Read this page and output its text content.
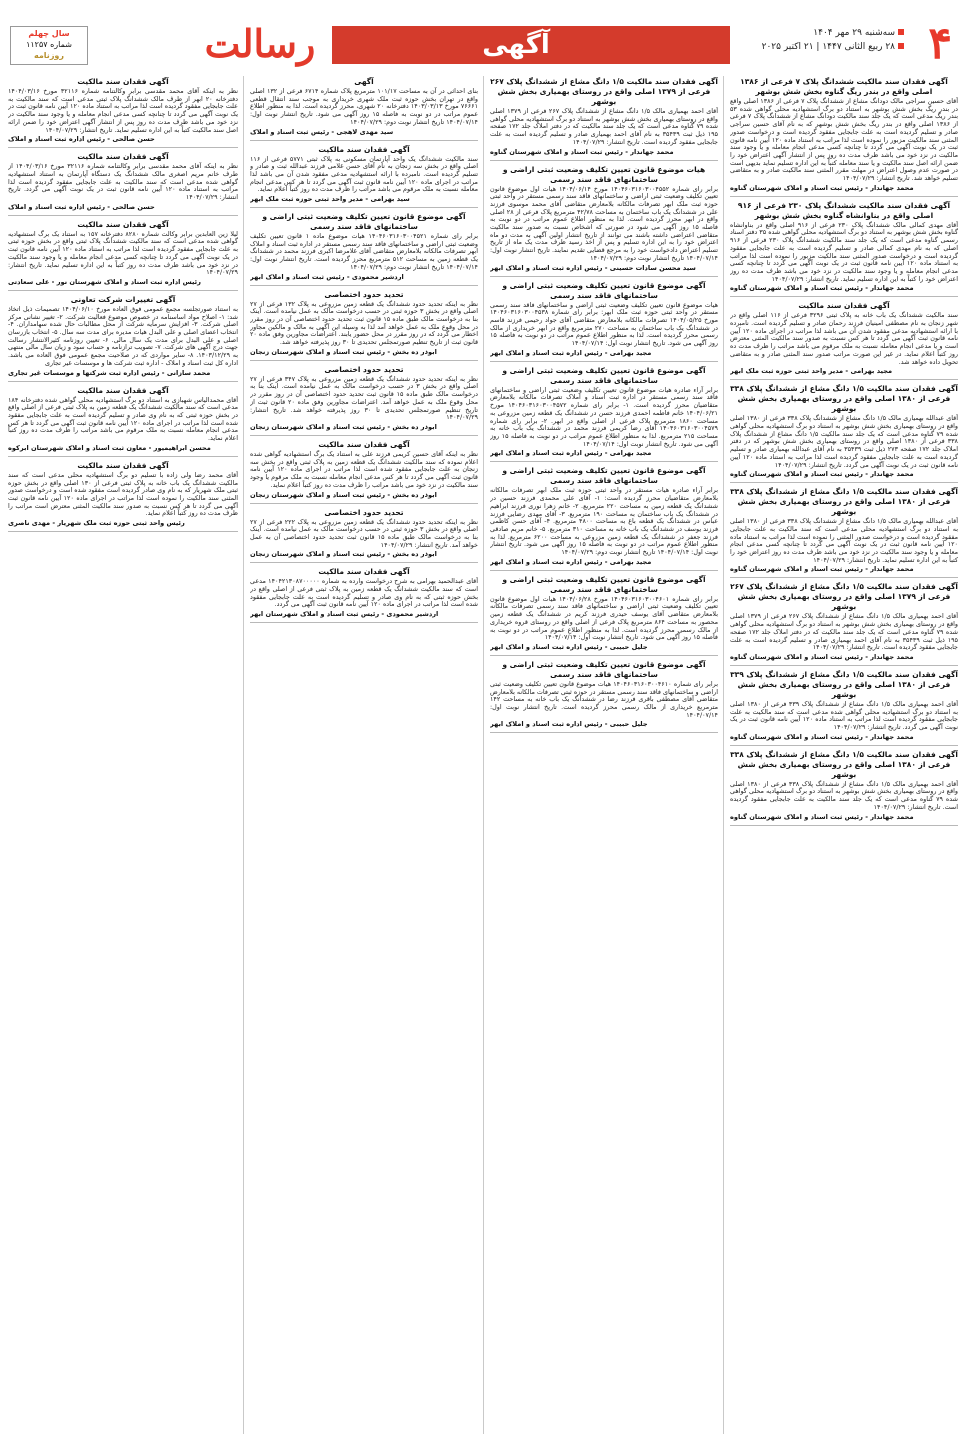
۴
سه‌شنبه ۲۹ مهر ۱۴۰۴
۲۸ ربیع الثانی ۱۴۴۷ | ۲۱ اکتبر ۲۰۲۵
آگهی
رسالت
سال چهلم
شماره ۱۱۲۵۷
روزنامه
آگهی فقدان سند مالکیت ششدانگ پلاک ۷ فرعی از ۱۳۸۶ اصلی واقع در بندر ریگ گناوه بخش شش بوشهر

آقای حسین سراجی مالک دودانگ مشاع از ششدانگ پلاک ۷ فرعی از ۱۳۸۶ اصلی واقع در بندر ریگ بخش شش بوشهر به استناد دو برگ استشهادیه محلی گواهی شده ۵۳ بندر ریگ مدعی است که یک جلد سند مالکیت دودانگ مشاع از ششدانگ پلاک ۷ فرعی از ۱۳۸۶ اصلی واقع در بندر ریگ بخش شش بوشهر که به نام آقای حسین سراجی صادر و تسلیم گردیده است به علت جابجایی مفقود گردیده است و درخواست صدور المثنی سند مالکیت مزبور را نموده است لذا مراتب به استناد ماده ۱۲۰ آیین نامه قانون ثبت در یک نوبت آگهی می گردد تا چنانچه کسی مدعی انجام معامله و یا وجود سند مالکیت در نزد خود می باشد ظرف مدت ده روز پس از انتشار آگهی اعتراض خود را ضمن ارائه اصل سند مالکیت و یا سند معامله کتباً به این اداره تسلیم نماید بدیهی است در صورت عدم وصول اعتراض در مهلت مقرر المثنی سند مالکیت صادر و به متقاضی تسلیم خواهد شد. تاریخ انتشار: ۱۴۰۴/۰۷/۲۹

محمد جهاندار - رئیس ثبت اسناد و املاک شهرستان گناوه
آگهی فقدان سند مالکیت ششدانگ پلاک ۲۳۰ فرعی از ۹۱۶ اصلی واقع در بناوانشاه گناوه بخش شش بوشهر

آقای مهدی کمالی مالک ششدانگ پلاک ۲۳۰ فرعی از ۹۱۶ اصلی واقع در بناوانشاه گناوه بخش شش بوشهر به استناد دو برگ استشهادیه محلی گواهی شده ۳۵ دفتر اسناد رسمی گناوه مدعی است که یک جلد سند مالکیت ششدانگ پلاک ۲۳۰ فرعی از ۹۱۶ اصلی که به نام مهدی کمالی صادر و تسلیم گردیده است به علت جابجایی مفقود گردیده است و درخواست صدور المثنی سند مالکیت مزبور را نموده است لذا مراتب به استناد ماده ۱۲۰ آیین نامه قانون ثبت در یک نوبت آگهی می گردد تا چنانچه کسی مدعی انجام معامله و یا وجود سند مالکیت در نزد خود می باشد ظرف مدت ده روز اعتراض خود را کتباً به این اداره تسلیم نماید. تاریخ انتشار: ۱۴۰۴/۰۷/۲۹

محمد جهاندار - رئیس ثبت اسناد و املاک شهرستان گناوه
آگهی فقدان سند مالکیت

سند مالکیت ششدانگ یک باب خانه به پلاک ثبتی ۳۲۹۶ فرعی از ۱۱۶ اصلی واقع در شهر زنجان به نام مصطفی امینیان فرزند رحمان صادر و تسلیم گردیده است. نامبرده با ارائه استشهادیه مدعی مفقود شدن آن می باشد لذا مراتب در اجرای ماده ۱۲۰ آیین نامه قانون ثبت آگهی می گردد تا هر کس نسبت به صدور سند مالکیت المثنی معترض است و یا مدعی انجام معامله نسبت به ملک مرقوم می باشد مراتب را ظرف مدت ده روز کتباً اعلام نماید. در غیر این صورت مراتب صدور سند المثنی صادر و به متقاضی تحویل داده خواهد شد.

مجید بهرامی - مدیر واحد ثبتی حوزه ثبت ملک ابهر
آگهی فقدان سند مالکیت ۱/۵ دانگ مشاع از ششدانگ پلاک ۳۳۸ فرعی از ۱۳۸۰ اصلی واقع در روستای بهمیاری بخش شش بوشهر

آقای عبدالله بهمیاری مالک ۱/۵ دانگ مشاع از ششدانگ پلاک ۳۳۸ فرعی از ۱۳۸۰ اصلی واقع در روستای بهمیاری بخش شش بوشهر به استناد دو برگ استشهادیه محلی گواهی شده ۷۹ گناوه مدعی است که یک جلد سند مالکیت ۱/۵ دانگ مشاع از ششدانگ پلاک ۳۳۸ فرعی از ۱۳۸۰ اصلی واقع در روستای بهمیاری بخش شش بوشهر که در دفتر املاک جلد ۱۷۲ صفحه ۲۷۳ ذیل ثبت ۳۵۴۳۹ به نام آقای عبدالله بهمیاری صادر و تسلیم گردیده است به علت جابجایی مفقود گردیده است لذا مراتب به استناد ماده ۱۲۰ آیین نامه قانون ثبت در یک نوبت آگهی می گردد. تاریخ انتشار: ۱۴۰۴/۰۷/۲۹

محمد جهاندار - رئیس ثبت اسناد و املاک شهرستان گناوه
آگهی فقدان سند مالکیت ۱/۵ دانگ مشاع از ششدانگ پلاک ۳۳۸ فرعی از ۱۳۸۰ اصلی واقع در روستای بهمیاری بخش شش بوشهر

آقای عبدالله بهمیاری مالک ۱/۵ دانگ مشاع از ششدانگ پلاک ۳۳۸ فرعی از ۱۳۸۰ اصلی به استناد دو برگ استشهادیه محلی مدعی است که سند مالکیت به علت جابجایی مفقود گردیده است و درخواست صدور المثنی را نموده است لذا مراتب به استناد ماده ۱۲۰ آیین نامه قانون ثبت در یک نوبت آگهی می گردد تا چنانچه کسی مدعی انجام معامله و یا وجود سند مالکیت در نزد خود می باشد ظرف مدت ده روز اعتراض خود را کتباً به این اداره تسلیم نماید. تاریخ انتشار: ۱۴۰۴/۰۷/۲۹

محمد جهاندار - رئیس ثبت اسناد و املاک شهرستان گناوه
آگهی فقدان سند مالکیت ۱/۵ دانگ مشاع از ششدانگ پلاک ۲۶۷ فرعی از ۱۳۷۹ اصلی واقع در روستای بهمیاری بخش شش بوشهر

آقای احمد بهمیاری مالک ۱/۵ دانگ مشاع از ششدانگ پلاک ۲۶۷ فرعی از ۱۳۷۹ اصلی واقع در روستای بهمیاری بخش شش بوشهر به استناد دو برگ استشهادیه محلی گواهی شده ۷۹ گناوه مدعی است که یک جلد سند مالکیت که در دفتر املاک جلد ۱۷۲ صفحه ۱۹۵ ذیل ثبت ۳۵۴۳۹ به نام آقای احمد بهمیاری صادر و تسلیم گردیده است به علت جابجایی مفقود گردیده است. تاریخ انتشار: ۱۴۰۴/۰۷/۲۹

محمد جهاندار - رئیس ثبت اسناد و املاک شهرستان گناوه
آگهی فقدان سند مالکیت ۱/۵ دانگ مشاع از ششدانگ پلاک ۳۳۹ فرعی از ۱۳۸۰ اصلی واقع در روستای بهمیاری بخش شش بوشهر

آقای احمد بهمیاری مالک ۱/۵ دانگ مشاع از ششدانگ پلاک ۳۳۹ فرعی از ۱۳۸۰ اصلی به استناد دو برگ استشهادیه محلی گواهی شده مدعی است که سند مالکیت به علت جابجایی مفقود گردیده است لذا مراتب به استناد ماده ۱۲۰ آیین نامه قانون ثبت در یک نوبت آگهی می گردد. تاریخ انتشار: ۱۴۰۴/۰۷/۲۹

محمد جهاندار - رئیس ثبت اسناد و املاک شهرستان گناوه
آگهی فقدان سند مالکیت ۱/۵ دانگ مشاع از ششدانگ پلاک ۳۳۸ فرعی از ۱۳۸۰ اصلی واقع در روستای بهمیاری بخش شش بوشهر

آقای احمد بهمیاری مالک ۱/۵ دانگ مشاع از ششدانگ پلاک ۳۳۸ فرعی از ۱۳۸۰ اصلی واقع در روستای بهمیاری بخش شش بوشهر به استناد دو برگ استشهادیه محلی گواهی شده ۷۹ گناوه مدعی است که یک جلد سند مالکیت به علت جابجایی مفقود گردیده است. تاریخ انتشار: ۱۴۰۴/۰۷/۲۹

محمد جهاندار - رئیس ثبت اسناد و املاک شهرستان گناوه
آگهی فقدان سند مالکیت ۱/۵ دانگ مشاع از ششدانگ پلاک ۲۶۷ فرعی از ۱۳۷۹ اصلی واقع در روستای بهمیاری بخش شش بوشهر

آقای احمد بهمیاری مالک ۱/۵ دانگ مشاع از ششدانگ پلاک ۲۶۷ فرعی از ۱۳۷۹ اصلی واقع در روستای بهمیاری بخش شش بوشهر به استناد دو برگ استشهادیه محلی گواهی شده ۷۹ گناوه مدعی است که یک جلد سند مالکیت که در دفتر املاک جلد ۱۷۲ صفحه ۱۹۵ ذیل ثبت ۳۵۴۳۹ به نام آقای احمد بهمیاری صادر و تسلیم گردیده است به علت جابجایی مفقود گردیده است. تاریخ انتشار: ۱۴۰۴/۰۷/۲۹

محمد جهاندار - رئیس ثبت اسناد و املاک شهرستان گناوه
هیات موضوع قانون تعیین تکلیف وضعیت ثبتی اراضی و ساختمانهای فاقد سند رسمی

برابر رای شماره ۱۴۰۴۶۰۳۱۶۰۳۰۰۴۵۵۲ مورخ ۱۴۰۴/۰۶/۱۴ هیات اول موضوع قانون تعیین تکلیف وضعیت ثبتی اراضی و ساختمانهای فاقد سند رسمی مستقر در واحد ثبتی حوزه ثبت ملک ابهر تصرفات مالکانه بلامعارض متقاضی آقای محمد موسوی فرزند علی در ششدانگ یک باب ساختمان به مساحت ۴۲/۷۸ مترمربع پلاک فرعی از ۲۸ اصلی واقع در ابهر محرز گردیده است. لذا به منظور اطلاع عموم مراتب در دو نوبت به فاصله ۱۵ روز آگهی می شود در صورتی که اشخاص نسبت به صدور سند مالکیت متقاضی اعتراضی داشته باشند می توانند از تاریخ انتشار اولین آگهی به مدت دو ماه اعتراض خود را به این اداره تسلیم و پس از اخذ رسید ظرف مدت یک ماه از تاریخ تسلیم اعتراض دادخواست خود را به مرجع قضایی تقدیم نمایند. تاریخ انتشار نوبت اول: ۱۴۰۴/۰۷/۱۴ تاریخ انتشار نوبت دوم: ۱۴۰۴/۰۷/۲۹

سید محسن سادات حسینی - رئیس اداره ثبت اسناد و املاک ابهر
آگهی موضوع قانون تعیین تکلیف وضعیت ثبتی اراضی و ساختمانهای فاقد سند رسمی

هیات موضوع قانون تعیین تکلیف وضعیت ثبتی اراضی و ساختمانهای فاقد سند رسمی مستقر در واحد ثبتی حوزه ثبت ملک ابهر: برابر رای شماره ۱۴۰۴۶۰۳۱۶۰۳۰۰۴۵۳۸ مورخ ۱۴۰۴/۰۵/۲۵ تصرفات مالکانه بلامعارض متقاضی آقای جواد رحیمی فرزند قاسم در ششدانگ یک باب ساختمان به مساحت ۲۷۰ مترمربع واقع در ابهر خریداری از مالک رسمی محرز گردیده است. لذا به منظور اطلاع عموم مراتب در دو نوبت به فاصله ۱۵ روز آگهی می شود. تاریخ انتشار نوبت اول: ۱۴۰۴/۰۷/۱۴

مجید بهرامی - رئیس اداره ثبت اسناد و املاک ابهر
آگهی موضوع قانون تعیین تکلیف وضعیت ثبتی اراضی و ساختمانهای فاقد سند رسمی

برابر آراء صادره هیات موضوع قانون تعیین تکلیف وضعیت ثبتی اراضی و ساختمانهای فاقد سند رسمی مستقر در اداره ثبت اسناد و املاک تصرفات مالکانه بلامعارض متقاضیان محرز گردیده است. ۱- برابر رای شماره ۱۴۰۴۶۰۳۱۶۰۳۰۰۴۵۷۲ مورخ ۱۴۰۴/۰۶/۲۱ خانم فاطمه احمدی فرزند حسن در ششدانگ یک قطعه زمین مزروعی به مساحت ۱۸۶۰ مترمربع پلاک فرعی از اصلی واقع در ابهر. ۲- برابر رای شماره ۱۴۰۴۶۰۳۱۶۰۳۰۰۴۵۷۹ آقای رضا کریمی فرزند محمد در ششدانگ یک باب خانه به مساحت ۲۱۵ مترمربع. لذا به منظور اطلاع عموم مراتب در دو نوبت به فاصله ۱۵ روز آگهی می شود. تاریخ انتشار نوبت اول: ۱۴۰۴/۰۷/۱۴

مجید بهرامی - رئیس اداره ثبت اسناد و املاک ابهر
آگهی موضوع قانون تعیین تکلیف وضعیت ثبتی اراضی و ساختمانهای فاقد سند رسمی

برابر آراء صادره هیات مستقر در واحد ثبتی حوزه ثبت ملک ابهر تصرفات مالکانه بلامعارض متقاضیان محرز گردیده است: ۱- آقای علی محمدی فرزند حسین در ششدانگ یک قطعه زمین به مساحت ۲۲۰ مترمربع. ۲- خانم زهرا نوری فرزند ابراهیم در ششدانگ یک باب ساختمان به مساحت ۱۹۰ مترمربع. ۳- آقای مهدی رضایی فرزند عباس در ششدانگ یک قطعه باغ به مساحت ۴۸۰۰ مترمربع. ۴- آقای حسن کاظمی فرزند یوسف در ششدانگ یک باب خانه به مساحت ۳۱۰ مترمربع. ۵- خانم مریم صادقی فرزند جعفر در ششدانگ یک قطعه زمین مزروعی به مساحت ۶۲۰۰ مترمربع. لذا به منظور اطلاع عموم مراتب در دو نوبت به فاصله ۱۵ روز آگهی می شود. تاریخ انتشار نوبت اول: ۱۴۰۴/۰۷/۱۴ تاریخ انتشار نوبت دوم: ۱۴۰۴/۰۷/۲۹

مجید بهرامی - رئیس اداره ثبت اسناد و املاک ابهر
آگهی موضوع قانون تعیین تکلیف وضعیت ثبتی اراضی و ساختمانهای فاقد سند رسمی

برابر رای شماره ۱۴۰۴۶۰۳۱۶۰۳۰۰۴۶۰۱ مورخ ۱۴۰۴/۰۶/۲۸ هیات اول موضوع قانون تعیین تکلیف وضعیت ثبتی اراضی و ساختمانهای فاقد سند رسمی تصرفات مالکانه بلامعارض متقاضی آقای یوسف حیدری فرزند کریم در ششدانگ یک قطعه زمین محصور به مساحت ۸۶۴ مترمربع پلاک فرعی از اصلی واقع در روستای قروه خریداری از مالک رسمی محرز گردیده است. لذا به منظور اطلاع عموم مراتب در دو نوبت به فاصله ۱۵ روز آگهی می شود. تاریخ انتشار نوبت اول: ۱۴۰۴/۰۷/۱۴

جلیل حبیبی - رئیس اداره ثبت اسناد و املاک ابهر
آگهی موضوع قانون تعیین تکلیف وضعیت ثبتی اراضی و ساختمانهای فاقد سند رسمی

برابر رای شماره ۱۴۰۴۶۰۳۱۶۰۳۰۰۴۶۱۰ هیات موضوع قانون تعیین تکلیف وضعیت ثبتی اراضی و ساختمانهای فاقد سند رسمی مستقر در حوزه ثبتی تصرفات مالکانه بلامعارض متقاضی آقای مصطفی باقری فرزند رضا در ششدانگ یک باب خانه به مساحت ۱۴۲ مترمربع خریداری از مالک رسمی محرز گردیده است. تاریخ انتشار نوبت اول: ۱۴۰۴/۰۷/۱۴

جلیل حبیبی - رئیس اداره ثبت اسناد و املاک ابهر
آگهی

بنای احداثی در آن به مساحت ۱۰۱/۱۷ مترمربع پلاک شماره ۶۷۱۴ فرعی از ۱۳۲ اصلی واقع در تهران بخش حوزه ثبت ملک شهری خریداری به موجب سند انتقال قطعی ۷۶۶۶۱ مورخ ۱۴۰۳/۰۳/۱۳ دفترخانه ۲۰ شهری، محرز گردیده است. لذا به منظور اطلاع عموم مراتب در دو نوبت به فاصله ۱۵ روز آگهی می شود. تاریخ انتشار نوبت اول: ۱۴۰۴/۰۷/۱۴ تاریخ انتشار نوبت دوم: ۱۴۰۴/۰۷/۲۹

سید مهدی لاهجی - رئیس ثبت اسناد و املاک
آگهی فقدان سند مالکیت

سند مالکیت ششدانگ یک واحد آپارتمان مسکونی به پلاک ثبتی ۵۷۷۱ فرعی از ۱۱۶ اصلی واقع در بخش سه زنجان به نام آقای حسن غلامی فرزند عبدالله ثبت و صادر و تسلیم گردیده است. نامبرده با ارائه استشهادیه مدعی مفقود شدن آن می باشد لذا مراتب در اجرای ماده ۱۲۰ آیین نامه قانون ثبت آگهی می گردد تا هر کس مدعی انجام معامله نسبت به ملک مرقوم می باشد مراتب را ظرف مدت ده روز کتباً اعلام نماید.

سید بهرامی - مدیر واحد ثبتی حوزه ثبت ملک ابهر
آگهی موضوع قانون تعیین تکلیف وضعیت ثبتی اراضی و ساختمانهای فاقد سند رسمی

برابر رای شماره ۱۴۰۴۶۰۳۱۶۰۳۰۰۴۵۲۱ هیات موضوع ماده ۱ قانون تعیین تکلیف وضعیت ثبتی اراضی و ساختمانهای فاقد سند رسمی مستقر در اداره ثبت اسناد و املاک ابهر تصرفات مالکانه بلامعارض متقاضی آقای غلامرضا اکبری فرزند محمد در ششدانگ یک قطعه زمین به مساحت ۵۱۲ مترمربع محرز گردیده است. تاریخ انتشار نوبت اول: ۱۴۰۴/۰۷/۱۴ تاریخ انتشار نوبت دوم: ۱۴۰۴/۰۷/۲۹

اردشیر محمودی - رئیس ثبت اسناد و املاک ابهر
تحدید حدود اختصاصی

نظر به اینکه تحدید حدود ششدانگ یک قطعه زمین مزروعی به پلاک ۱۳۲ فرعی از ۲۷ اصلی واقع در بخش ۳ حوزه ثبتی در حسب درخواست مالک به عمل نیامده است. اینک بنا به درخواست مالک طبق ماده ۱۵ قانون ثبت تحدید حدود اختصاصی آن در روز مقرر در محل وقوع ملک به عمل خواهد آمد لذا به وسیله این آگهی به مالک و مالکین مجاور اخطار می گردد که در روز مقرر در محل حضور یابند. اعتراضات مجاورین وفق ماده ۲۰ قانون ثبت از تاریخ تنظیم صورتمجلس تحدیدی تا ۳۰ روز پذیرفته خواهد شد.

ابوذر ده بخش - رئیس ثبت اسناد و املاک شهرستان زنجان
تحدید حدود اختصاصی

نظر به اینکه تحدید حدود ششدانگ یک قطعه زمین مزروعی به پلاک ۳۴۷ فرعی از ۲۷ اصلی واقع در بخش ۳ در حسب درخواست مالک به عمل نیامده است. اینک بنا به درخواست مالک طبق ماده ۱۵ قانون ثبت تحدید حدود اختصاصی آن در روز مقرر در محل وقوع ملک به عمل خواهد آمد. اعتراضات مجاورین وفق ماده ۲۰ قانون ثبت از تاریخ تنظیم صورتمجلس تحدیدی تا ۳۰ روز پذیرفته خواهد شد. تاریخ انتشار: ۱۴۰۴/۰۷/۲۹

ابوذر ده بخش - رئیس ثبت اسناد و املاک شهرستان زنجان
آگهی فقدان سند مالکیت

نظر به اینکه آقای حسین کریمی فرزند علی به استناد یک برگ استشهادیه گواهی شده اعلام نموده که سند مالکیت ششدانگ یک قطعه زمین به پلاک ثبتی واقع در بخش سه زنجان به علت جابجایی مفقود شده است لذا مراتب در اجرای ماده ۱۲۰ آیین نامه قانون ثبت آگهی می گردد تا هر کس مدعی انجام معامله نسبت به ملک مرقوم یا وجود سند مالکیت در نزد خود می باشد مراتب را ظرف مدت ده روز کتباً اعلام نماید.

ابوذر ده بخش - رئیس ثبت اسناد و املاک شهرستان زنجان
تحدید حدود اختصاصی

نظر به اینکه تحدید حدود ششدانگ یک قطعه زمین مزروعی به پلاک ۲۲۲ فرعی از ۲۷ اصلی واقع در بخش ۳ حوزه ثبتی در حسب درخواست مالک به عمل نیامده است. اینک بنا به درخواست مالک طبق ماده ۱۵ قانون ثبت تحدید حدود اختصاصی آن به عمل خواهد آمد. تاریخ انتشار: ۱۴۰۴/۰۷/۲۹

ابوذر ده بخش - رئیس ثبت اسناد و املاک شهرستان زنجان
آگهی فقدان سند مالکیت

آقای عبدالحمید بهرامی به شرح درخواست وارده به شماره ۱۴۰۴۲۱۳۰۸۷۰۰۰۰۰ مدعی است که سند مالکیت ششدانگ یک قطعه زمین به پلاک ثبتی فرعی از اصلی واقع در بخش حوزه ثبتی که به نام وی صادر و تسلیم گردیده است به علت جابجایی مفقود شده است لذا مراتب در اجرای ماده ۱۲۰ آیین نامه قانون ثبت آگهی می گردد.

اردشیر محمودی - رئیس ثبت اسناد و املاک شهرستان ابهر
آگهی فقدان سند مالکیت

نظر به اینکه آقای محمد مقدسی برابر وکالتنامه شماره ۳۲۱۱۶ مورخ ۱۴۰۴/۰۳/۱۶ دفترخانه ۲۰ ابهر از طرف مالک ششدانگ پلاک ثبتی مدعی است که سند مالکیت به علت جابجایی مفقود گردیده است لذا مراتب به استناد ماده ۱۲۰ آیین نامه قانون ثبت در یک نوبت آگهی می گردد تا چنانچه کسی مدعی انجام معامله و یا وجود سند مالکیت در نزد خود می باشد ظرف مدت ده روز پس از انتشار آگهی اعتراض خود را ضمن ارائه اصل سند مالکیت کتباً به این اداره تسلیم نماید. تاریخ انتشار: ۱۴۰۴/۰۷/۲۹

حسن صالحی - رئیس اداره ثبت اسناد و املاک
آگهی فقدان سند مالکیت

نظر به اینکه آقای محمد مقدسی برابر وکالتنامه شماره ۳۲۱۱۶ مورخ ۱۴۰۴/۰۳/۱۶ از طرف خانم مریم اصغری مالک ششدانگ یک دستگاه آپارتمان به استناد استشهادیه گواهی شده مدعی است که سند مالکیت به علت جابجایی مفقود گردیده است لذا مراتب به استناد ماده ۱۲۰ آیین نامه قانون ثبت در یک نوبت آگهی می گردد. تاریخ انتشار: ۱۴۰۴/۰۷/۲۹

حسن صالحی - رئیس اداره ثبت اسناد و املاک
آگهی فقدان سند مالکیت

ليلا زين العابدين برابر وكالت شماره ۸۲۸۰ دفترخانه ۱۵۷ به استناد یک برگ استشهادیه گواهی شده مدعی است که سند مالکیت ششدانگ پلاک ثبتی واقع در بخش حوزه ثبتی به علت جابجایی مفقود گردیده است لذا مراتب به استناد ماده ۱۲۰ آیین نامه قانون ثبت در یک نوبت آگهی می گردد تا چنانچه کسی مدعی انجام معامله و یا وجود سند مالکیت در نزد خود می باشد ظرف مدت ده روز کتباً به این اداره تسلیم نماید. تاریخ انتشار: ۱۴۰۴/۰۷/۲۹

رئیس اداره ثبت اسناد و املاک شهرستان نور - علی سعادتی
آگهی تغییرات شرکت تعاونی

به استناد صورتجلسه مجمع عمومی فوق العاده مورخ ۱۴۰۴/۰۶/۱۰ تصمیمات ذیل اتخاذ شد: ۱- اصلاح مواد اساسنامه در خصوص موضوع فعالیت شرکت. ۲- تغییر نشانی مرکز اصلی شرکت. ۳- افزایش سرمایه شرکت از محل مطالبات حال شده سهامداران. ۴- انتخاب اعضای اصلی و علی البدل هیات مدیره برای مدت سه سال. ۵- انتخاب بازرسان اصلی و علی البدل برای مدت یک سال مالی. ۶- تعیین روزنامه کثیرالانتشار رسالت جهت درج آگهی های شرکت. ۷- تصویب ترازنامه و حساب سود و زیان سال مالی منتهی به ۱۴۰۳/۱۲/۲۹. ۸- سایر مواردی که در صلاحیت مجمع عمومی فوق العاده می باشد. اداره کل ثبت اسناد و املاک - اداره ثبت شرکت ها و موسسات غیر تجاری

محمد سازانی - رئیس اداره ثبت شرکتها و موسسات غیر تجاری
آگهی فقدان سند مالکیت

آقای محمدالیاس شهبازی به استناد دو برگ استشهادیه محلی گواهی شده دفترخانه ۱۸۴ مدعی است که سند مالکیت ششدانگ یک قطعه زمین به پلاک ثبتی فرعی از اصلی واقع در بخش حوزه ثبتی که به نام وی صادر و تسلیم گردیده است به علت جابجایی مفقود شده است لذا مراتب در اجرای ماده ۱۲۰ آیین نامه قانون ثبت آگهی می گردد تا هر کس مدعی انجام معامله نسبت به ملک مرقوم می باشد مراتب را ظرف مدت ده روز کتباً اعلام نماید.

محسن ابراهیمیور - معاون ثبت اسناد و املاک شهرستان ابرکوه
آگهی فقدان سند مالکیت

آقای محمد رضا ولی زاده با تسلیم دو برگ استشهادیه محلی مدعی است که سند مالکیت ششدانگ یک باب خانه به پلاک ثبتی فرعی از ۱۳۰ اصلی واقع در بخش حوزه ثبتی ملک شهریار که به نام وی صادر گردیده است مفقود شده است و درخواست صدور المثنی سند مالکیت را نموده است لذا مراتب در اجرای ماده ۱۲۰ آیین نامه قانون ثبت آگهی می گردد تا هر کس نسبت به صدور سند مالکیت المثنی معترض است مراتب را ظرف مدت ده روز کتباً اعلام نماید.

رئیس واحد ثبتی حوزه ثبت ملک شهریار - مهدی ناصری
